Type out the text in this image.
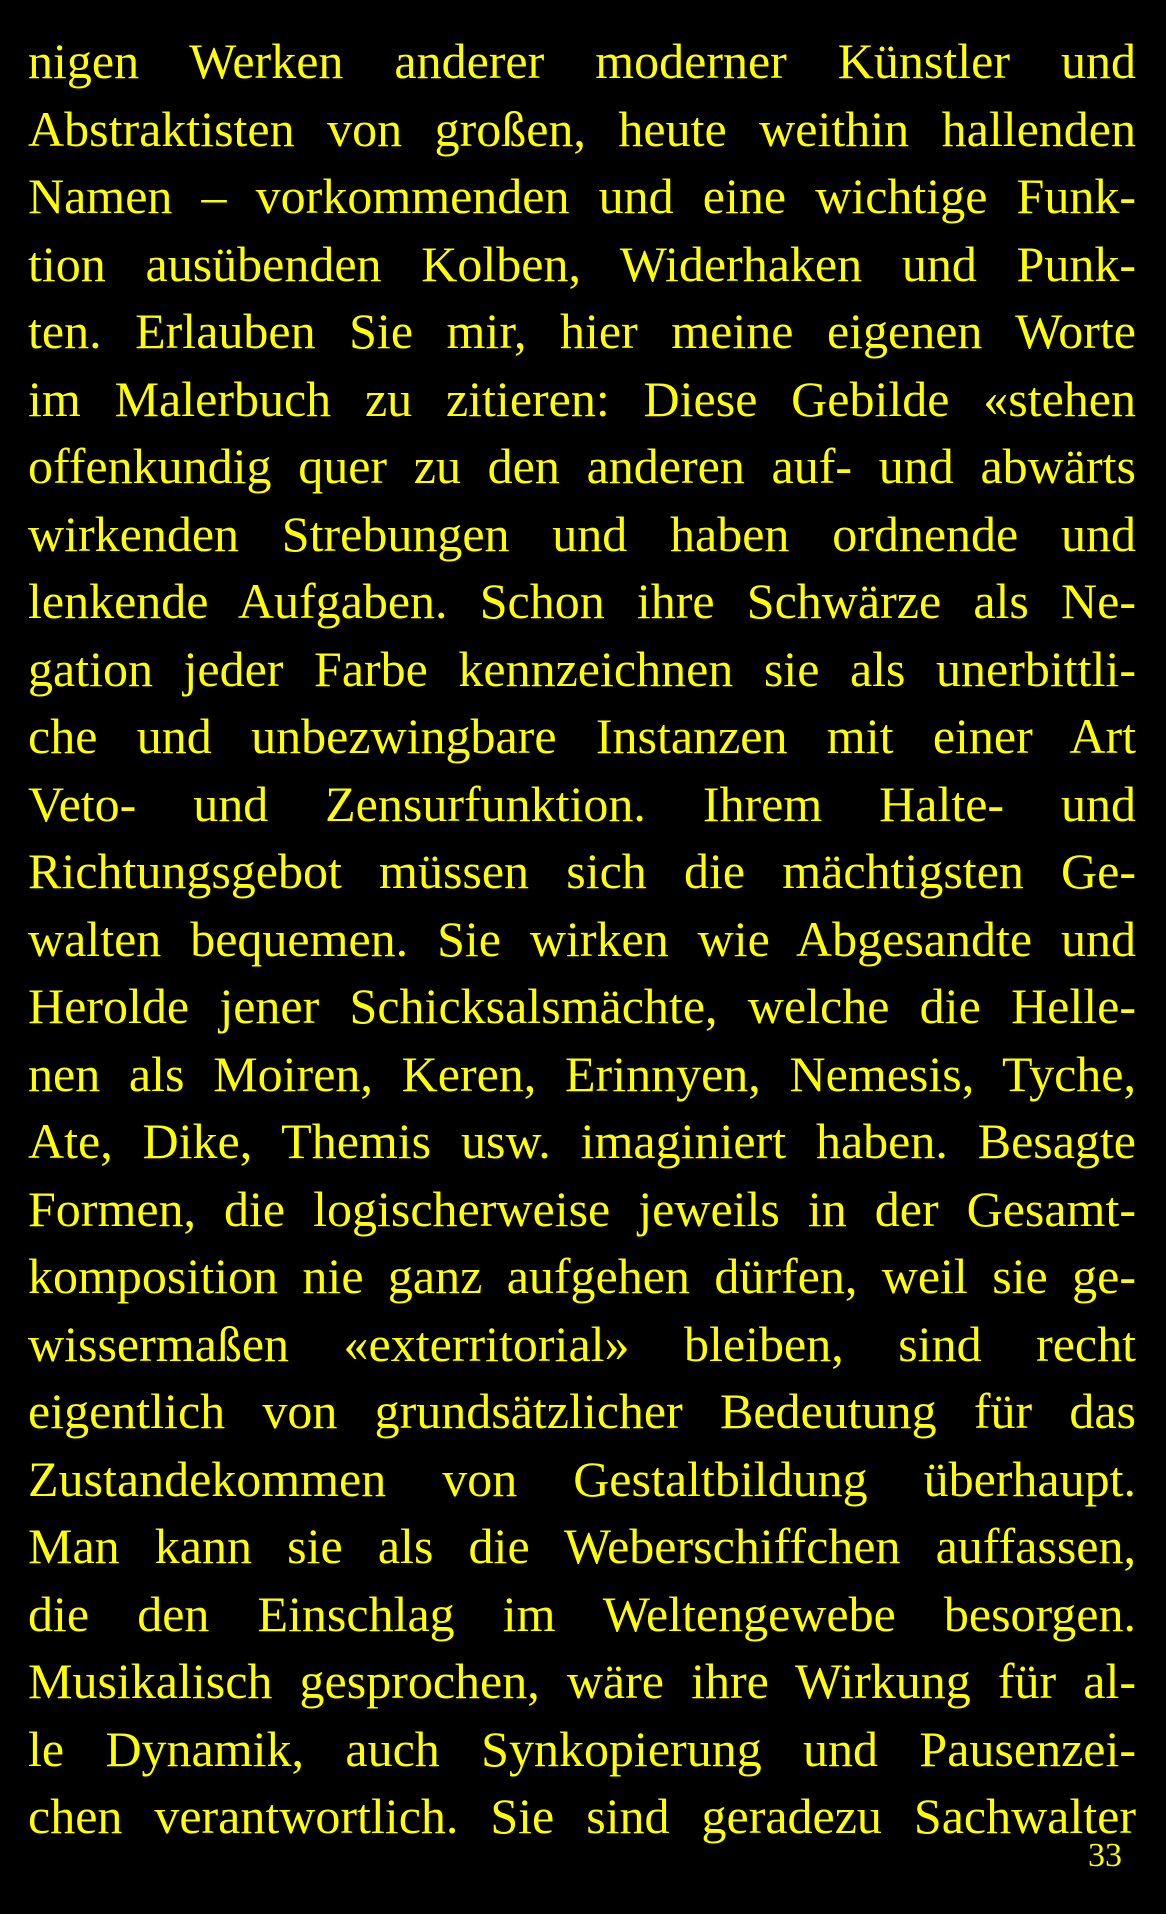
nigen Werken anderer moderner Künstler und
Abstraktisten von großen, heute weithin hallenden
Namen – vorkommenden und eine wichtige Funk-
tion ausübenden Kolben, Widerhaken und Punk-
ten. Erlauben Sie mir, hier meine eigenen Worte
im Malerbuch zu zitieren: Diese Gebilde «stehen
offenkundig quer zu den anderen auf- und abwärts
wirkenden Strebungen und haben ordnende und
lenkende Aufgaben. Schon ihre Schwärze als Ne-
gation jeder Farbe kennzeichnen sie als unerbittli-
che und unbezwingbare Instanzen mit einer Art
Veto- und Zensurfunktion. Ihrem Halte- und
Richtungsgebot müssen sich die mächtigsten Ge-
walten bequemen. Sie wirken wie Abgesandte und
Herolde jener Schicksalsmächte, welche die Helle-
nen als Moiren, Keren, Erinnyen, Nemesis, Tyche,
Ate, Dike, Themis usw. imaginiert haben. Besagte
Formen, die logischerweise jeweils in der Gesamt-
komposition nie ganz aufgehen dürfen, weil sie ge-
wissermaßen «exterritorial» bleiben, sind recht
eigentlich von grundsätzlicher Bedeutung für das
Zustandekommen von Gestaltbildung überhaupt.
Man kann sie als die Weberschiffchen auffassen,
die den Einschlag im Weltengewebe besorgen.
Musikalisch gesprochen, wäre ihre Wirkung für al-
le Dynamik, auch Synkopierung und Pausenzei-
chen verantwortlich. Sie sind geradezu Sachwalter
33
